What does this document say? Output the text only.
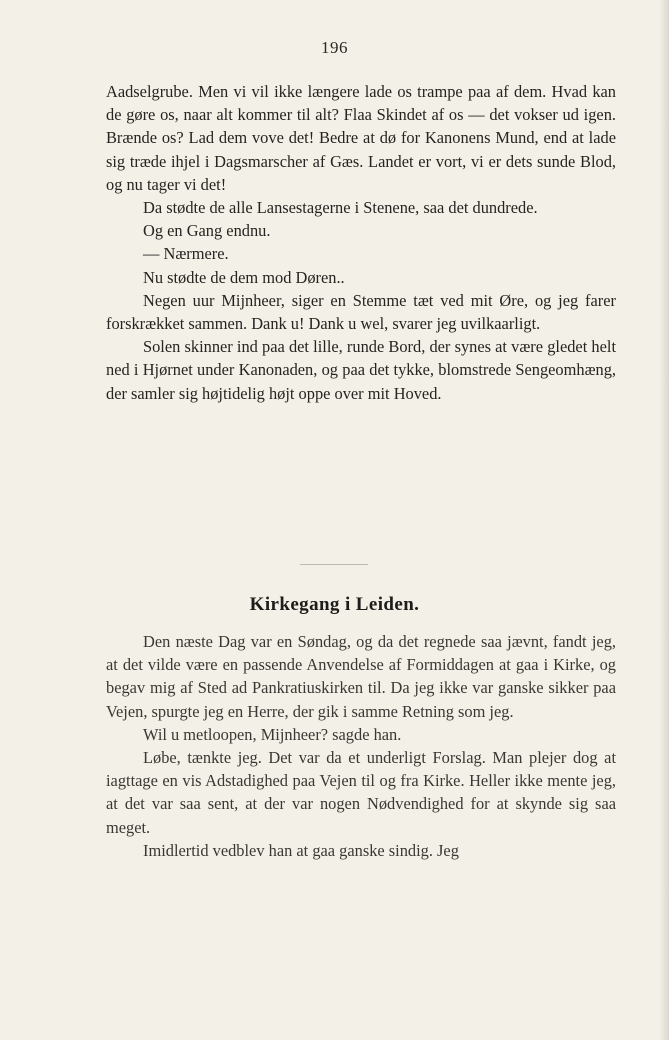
196

Aadselgrube. Men vi vil ikke længere lade os trampe paa af dem. Hvad kan de gøre os, naar alt kommer til alt? Flaa Skindet af os — det vokser ud igen. Brænde os? Lad dem vove det! Bedre at dø for Kanonens Mund, end at lade sig træde ihjel i Dagsmarscher af Gæs. Landet er vort, vi er dets sunde Blod, og nu tager vi det!

Da stødte de alle Lansestagerne i Stenene, saa det dundrede.

Og en Gang endnu.

— Nærmere.

Nu stødte de dem mod Døren..

Negen uur Mijnheer, siger en Stemme tæt ved mit Øre, og jeg farer forskrækket sammen. Dank u! Dank u wel, svarer jeg uvilkaarligt.

Solen skinner ind paa det lille, runde Bord, der synes at være gledet helt ned i Hjørnet under Kanonaden, og paa det tykke, blomstrede Sengeomhæng, der samler sig højtidelig højt oppe over mit Hoved.

Kirkegang i Leiden.

Den næste Dag var en Søndag, og da det regnede saa jævnt, fandt jeg, at det vilde være en passende Anvendelse af Formiddagen at gaa i Kirke, og begav mig af Sted ad Pankratiuskirken til. Da jeg ikke var ganske sikker paa Vejen, spurgte jeg en Herre, der gik i samme Retning som jeg.

Wil u metloopen, Mijnheer? sagde han.

Løbe, tænkte jeg. Det var da et underligt Forslag. Man plejer dog at iagttage en vis Adstadighed paa Vejen til og fra Kirke. Heller ikke mente jeg, at det var saa sent, at der var nogen Nødvendighed for at skynde sig saa meget.

Imidlertid vedblev han at gaa ganske sindig. Jeg
